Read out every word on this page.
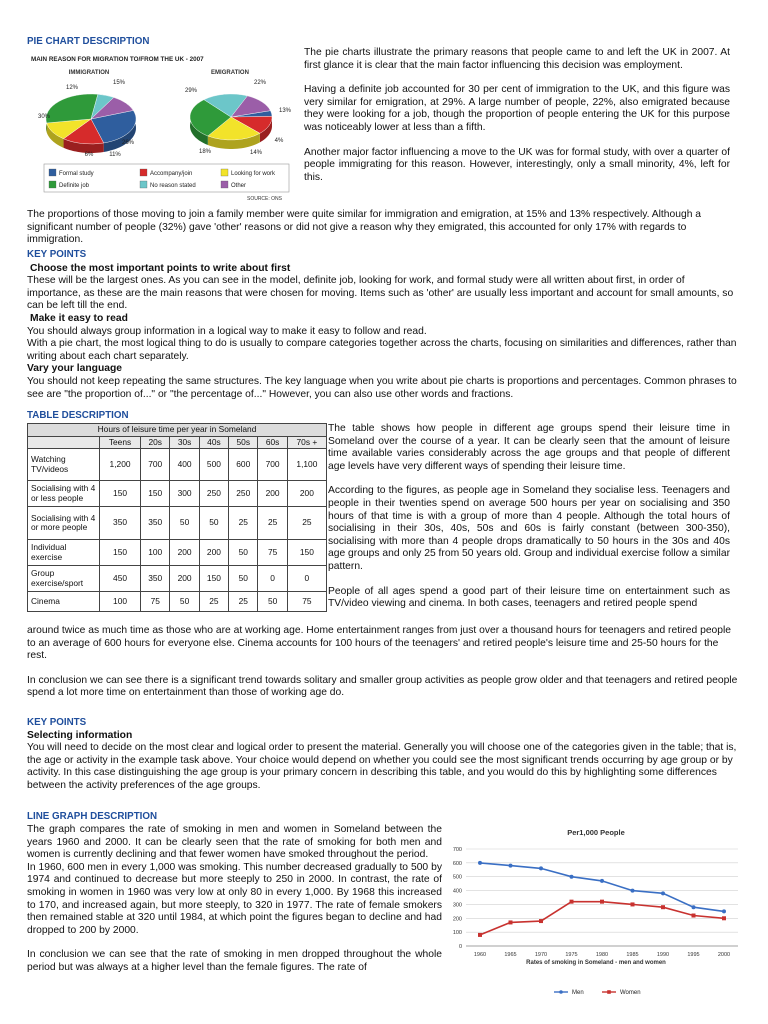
PIE CHART DESCRIPTION
MAIN REASON FOR MIGRATION TO/FROM THE UK - 2007
IMMIGRATION	EMIGRATION
26%
15%
12%
30%
6%	11%
4%
13%
22%
29%
18%	14%
Formal study	Accompany/join	Looking for work
Definite job	No reason stated	Other
SOURCE: ONS

The pie charts illustrate the primary reasons that people came to and left the UK in 2007. At first glance it is clear that the main factor influencing this decision was employment.

Having a definite job accounted for 30 per cent of immigration to the UK, and this figure was very similar for emigration, at 29%. A large number of people, 22%, also emigrated because they were looking for a job, though the proportion of people entering the UK for this purpose was noticeably lower at less than a fifth.

Another major factor influencing a move to the UK was for formal study, with over a quarter of people immigrating for this reason. However, interestingly, only a small minority, 4%, left for this.

The proportions of those moving to join a family member were quite similar for immigration and emigration, at 15% and 13% respectively. Although a significant number of people (32%) gave 'other' reasons or did not give a reason why they emigrated, this accounted for only 17% with regards to immigration.

KEY POINTS
Choose the most important points to write about first

These will be the largest ones. As you can see in the model, definite job, looking for work, and formal study were all written about first, in order of importance, as these are the main reasons that were chosen for moving. Items such as 'other' are usually less important and account for small amounts, so can be left till the end.

Make it easy to read

You should always group information in a logical way to make it easy to follow and read.
With a pie chart, the most logical thing to do is usually to compare categories together across the charts, focusing on similarities and differences, rather than writing about each chart separately.

Vary your language

You should not keep repeating the same structures. The key language when you write about pie charts is proportions and percentages. Common phrases to see are "the proportion of..." or "the percentage of..." However, you can also use other words and fractions.

TABLE DESCRIPTION
Hours of leisure time per year in Someland							
	Teens	20s	30s	40s	50s	60s	70s +
Watching TV/videos	1,200	700	400	500	600	700	1,100
Socialising with 4 or less people	150	150	300	250	250	200	200
Socialising with 4 or more people	350	350	50	50	25	25	25
Individual exercise	150	100	200	200	50	75	150
Group exercise/sport	450	350	200	150	50	0	0
Cinema	100	75	50	25	25	50	75

The table shows how people in different age groups spend their leisure time in Someland over the course of a year. It can be clearly seen that the amount of leisure time available varies considerably across the age groups and that people of different age levels have very different ways of spending their leisure time.

According to the figures, as people age in Someland they socialise less. Teenagers and people in their twenties spend on average 500 hours per year on socialising and 350 hours of that time is with a group of more than 4 people. Although the total hours of socialising in their 30s, 40s, 50s and 60s is fairly constant (between 300-350), socialising with more than 4 people drops dramatically to 50 hours in the 30s and 40s age groups and only 25 from 50 years old. Group and individual exercise follow a similar pattern.

People of all ages spend a good part of their leisure time on entertainment such as TV/video viewing and cinema. In both cases, teenagers and retired people spend

around twice as much time as those who are at working age. Home entertainment ranges from just over a thousand hours for teenagers and retired people to an average of 600 hours for everyone else. Cinema accounts for 100 hours of the teenagers' and retired people's leisure time and 25-50 hours for the rest.

In conclusion we can see there is a significant trend towards solitary and smaller group activities as people grow older and that teenagers and retired people spend a lot more time on entertainment than those of working age do.

KEY POINTS
Selecting information

You will need to decide on the most clear and logical order to present the material. Generally you will choose one of the categories given in the table; that is, the age or activity in the example task above. Your choice would depend on whether you could see the most significant trends occurring by age group or by activity. In this case distinguishing the age group is your primary concern in describing this table, and you would do this by highlighting some differences between the activity preferences of the age groups.

LINE GRAPH DESCRIPTION

The graph compares the rate of smoking in men and women in Someland between the years 1960 and 2000. It can be clearly seen that the rate of smoking for both men and women is currently declining and that fewer women have smoked throughout the period.

In 1960, 600 men in every 1,000 was smoking. This number decreased gradually to 500 by 1974 and continued to decrease but more steeply to 250 in 2000. In contrast, the rate of smoking in women in 1960 was very low at only 80 in every 1,000. By 1968 this increased to 170, and increased again, but more steeply, to 320 in 1977. The rate of female smokers then remained stable at 320 until 1984, at which point the figures began to decline and had dropped to 200 by 2000.

In conclusion we can see that the rate of smoking in men dropped throughout the whole period but was always at a higher level than the female figures. The rate of

Per1,000 People
0
100
200
300
400
500
600
700
1960	1965	1970	1975	1980	1985	1990	1995	2000
Rates of smoking in Someland - men and women
Men	Women
